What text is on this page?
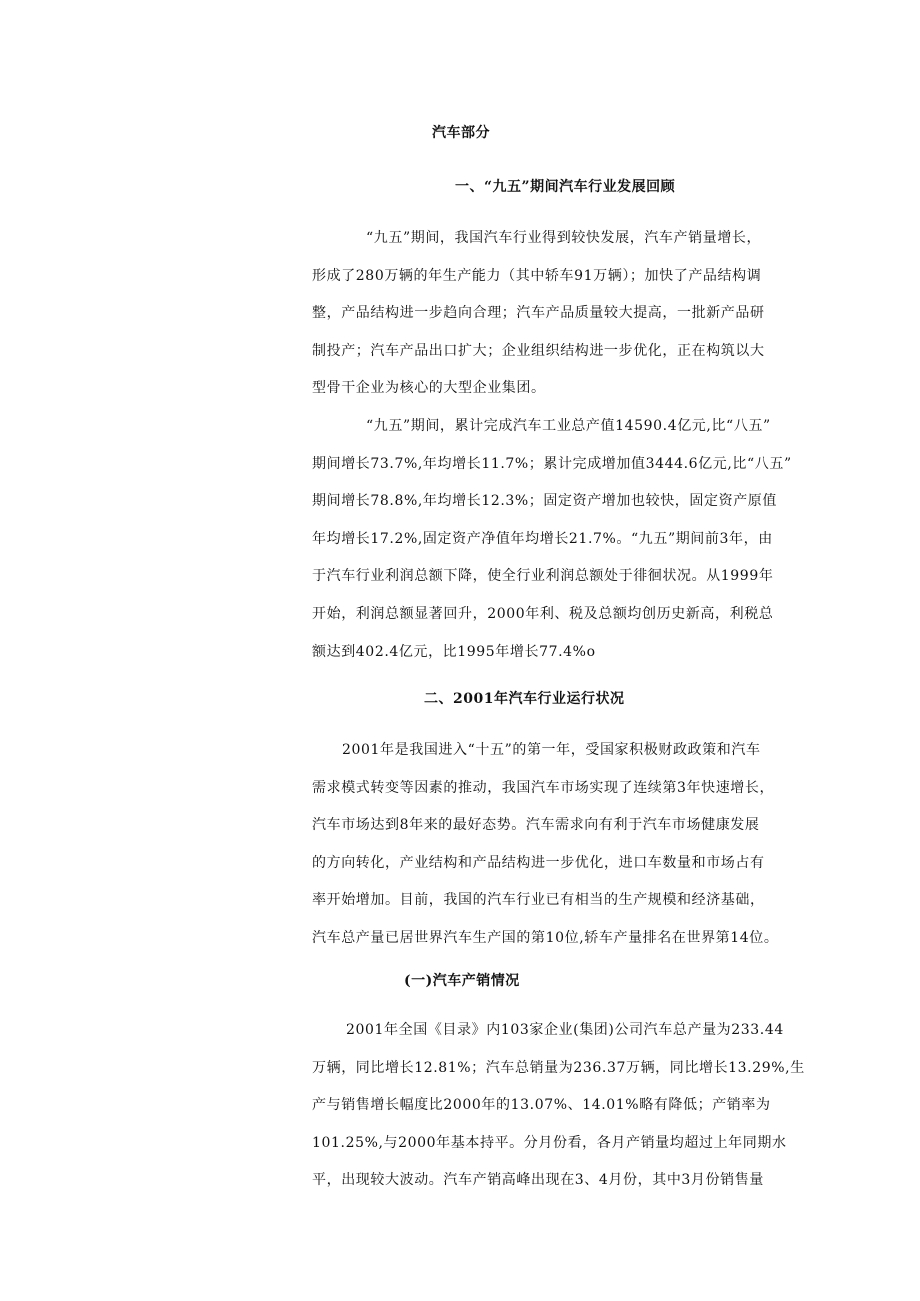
汽车部分
一、“九五”期间汽车行业发展回顾
“九五”期间，我国汽车行业得到较快发展，汽车产销量增长，
形成了280万辆的年生产能力（其中轿车91万辆）；加快了产品结构调
整，产品结构进一步趋向合理；汽车产品质量较大提高，一批新产品研
制投产；汽车产品出口扩大；企业组织结构进一步优化，正在构筑以大
型骨干企业为核心的大型企业集团。
“九五”期间，累计完成汽车工业总产值14590.4亿元,比“八五”
期间增长73.7%,年均增长11.7%；累计完成增加值3444.6亿元,比“八五”
期间增长78.8%,年均增长12.3%；固定资产增加也较快，固定资产原值
年均增长17.2%,固定资产净值年均增长21.7%。“九五”期间前3年，由
于汽车行业利润总额下降，使全行业利润总额处于徘徊状况。从1999年
开始，利润总额显著回升，2000年利、税及总额均创历史新高，利税总
额达到402.4亿元，比1995年增长77.4%o
二、2001年汽车行业运行状况
2001年是我国进入“十五”的第一年，受国家积极财政政策和汽车
需求模式转变等因素的推动，我国汽车市场实现了连续第3年快速增长，
汽车市场达到8年来的最好态势。汽车需求向有利于汽车市场健康发展
的方向转化，产业结构和产品结构进一步优化，进口车数量和市场占有
率开始增加。目前，我国的汽车行业已有相当的生产规模和经济基础，
汽车总产量已居世界汽车生产国的第10位,轿车产量排名在世界第14位。
(一)汽车产销情况
2001年全国《目录》内103家企业(集团)公司汽车总产量为233.44
万辆，同比增长12.81%；汽车总销量为236.37万辆，同比增长13.29%,生
产与销售增长幅度比2000年的13.07%、14.01%略有降低；产销率为
101.25%,与2000年基本持平。分月份看，各月产销量均超过上年同期水
平，出现较大波动。汽车产销高峰出现在3、4月份，其中3月份销售量
